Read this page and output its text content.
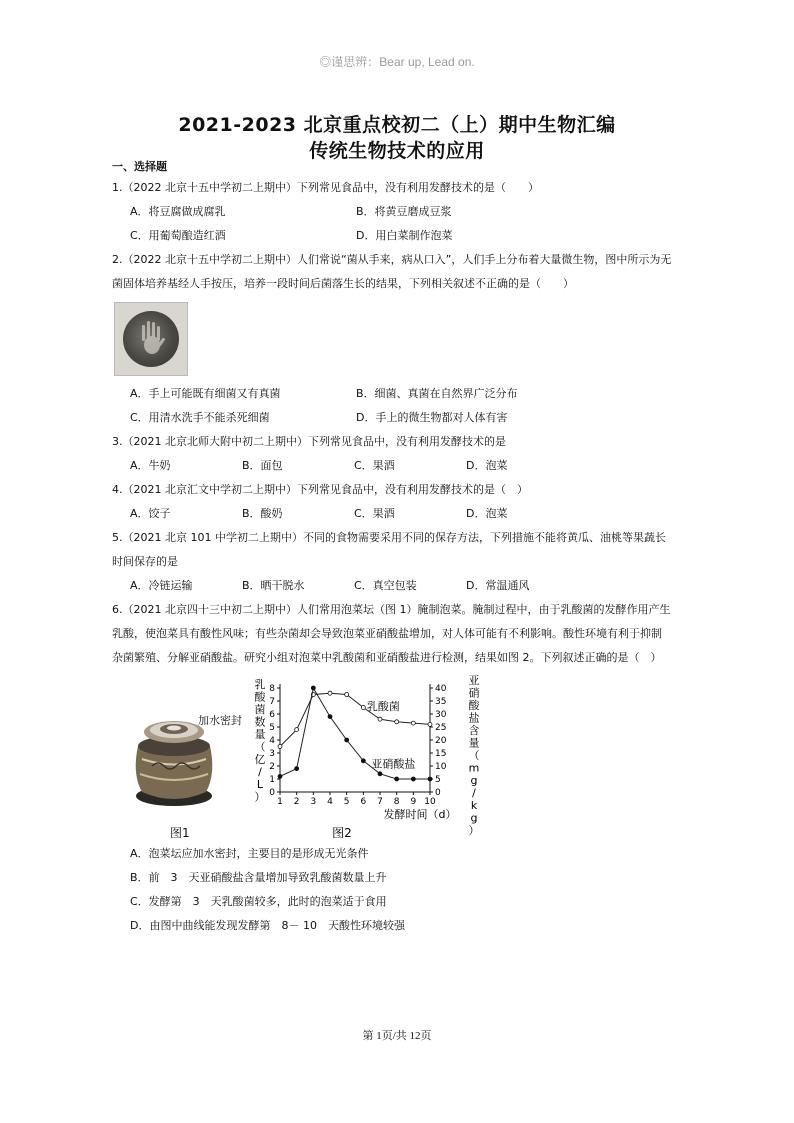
◎谨思辨：Bear up, Lead on.
2021-2023 北京重点校初二（上）期中生物汇编
传统生物技术的应用
一、选择题

1.（2022 北京十五中学初二上期中）下列常见食品中，没有利用发酵技术的是（　　）

A．将豆腐做成腐乳	B．将黄豆磨成豆浆
C．用葡萄酿造红酒	D．用白菜制作泡菜

2.（2022 北京十五中学初二上期中）人们常说“菌从手来，病从口入”，人们手上分布着大量微生物，图中所示为无菌固体培养基经人手按压，培养一段时间后菌落生长的结果，下列相关叙述不正确的是（　　）

A．手上可能既有细菌又有真菌	B．细菌、真菌在自然界广泛分布
C．用清水洗手不能杀死细菌	D．手上的微生物都对人体有害

3.（2021 北京北师大附中初二上期中）下列常见食品中，没有利用发酵技术的是

A．牛奶	B．面包	C．果酒	D．泡菜

4.（2021 北京汇文中学初二上期中）下列常见食品中，没有利用发酵技术的是（　）

A．饺子	B．酸奶	C．果酒	D．泡菜

5.（2021 北京 101 中学初二上期中）不同的食物需要采用不同的保存方法，下列措施不能将黄瓜、油桃等果蔬长时间保存的是

A．冷链运输	B．晒干脱水	C．真空包装	D．常温通风

6.（2021 北京四十三中初二上期中）人们常用泡菜坛（图 1）腌制泡菜。腌制过程中，由于乳酸菌的发酵作用产生乳酸，使泡菜具有酸性风味；有些杂菌却会导致泡菜亚硝酸盐增加，对人体可能有不利影响。酸性环境有利于抑制杂菌繁殖、分解亚硝酸盐。研究小组对泡菜中乳酸菌和亚硝酸盐进行检测，结果如图 2。下列叙述正确的是（　）

加水密封
图1
0
1
2
3
4
5
6
7
8
0
5
10
15
20
25
30
35
40
1 2 3 4 5 6 7 8 9 10
乳酸菌数量（亿/ L ）
亚硝酸盐含量（ m g / k g ）
发酵时间（d）
图2
乳酸菌
亚硝酸盐
A．泡菜坛应加水密封，主要目的是形成无光条件
B．前　3　天亚硝酸盐含量增加导致乳酸菌数量上升
C．发酵第　3　天乳酸菌较多，此时的泡菜适于食用
D．由图中曲线能发现发酵第　8－ 10　天酸性环境较强
第 1页/共 12页
